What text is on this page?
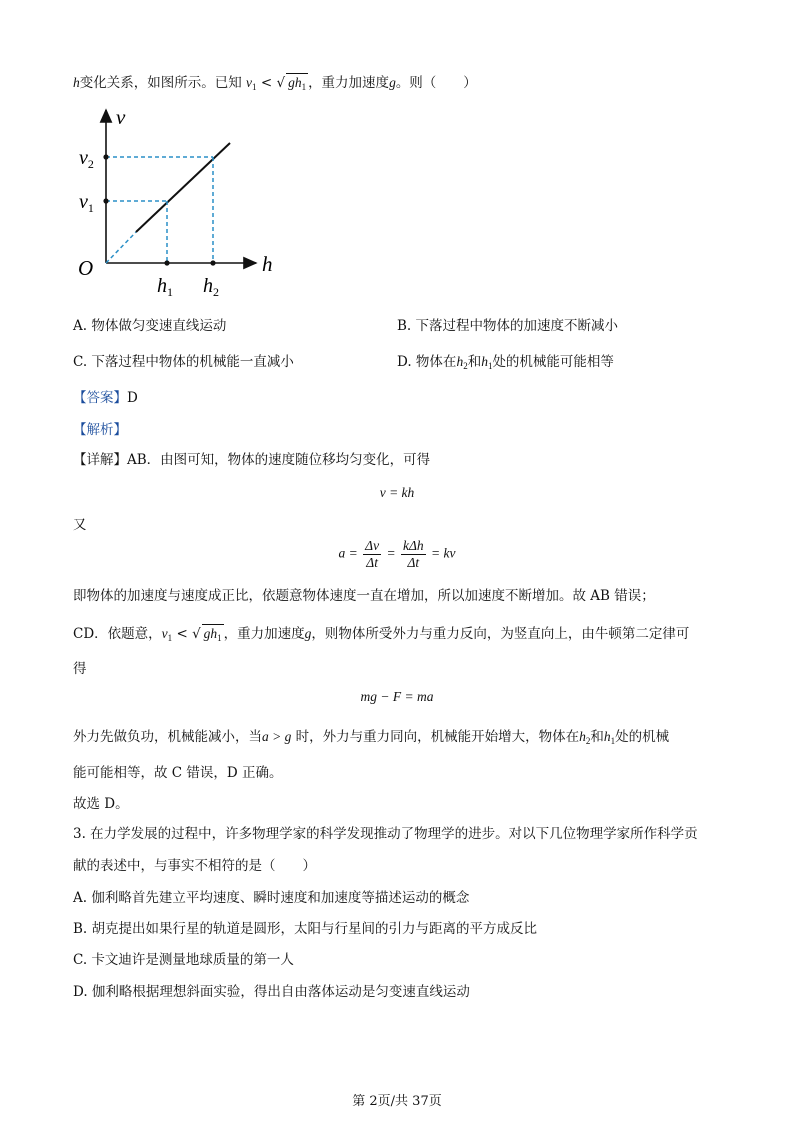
h变化关系，如图所示。已知 $v_1$ < √ $gh_1$ ，重力加速度g。则（　　）
v
h
O
$v_2$
$v_1$
$h_1$ $h_2$
A. 物体做匀变速直线运动	B. 下落过程中物体的加速度不断减小
C. 下落过程中物体的机械能一直减小	D. 物体在$h_2$和$h_1$处的机械能可能相等
【答案】D
【解析】
【详解】AB．由图可知，物体的速度随位移均匀变化，可得
v = kh
又
$a = \frac{\Delta v}{\Delta t} = \frac{\text{kΔh}}{\Delta t}$ = kv
即物体的加速度与速度成正比，依题意物体速度一直在增加，所以加速度不断增加。故 AB 错误；
CD．依题意，$v_1$ < √ $gh_1$ ，重力加速度g，则物体所受外力与重力反向，为竖直向上，由牛顿第二定律可
得
mg − F = ma
外力先做负功，机械能减小，当a > g 时，外力与重力同向，机械能开始增大，物体在$h_2$和$h_1$处的机械
能可能相等，故 C 错误，D 正确。
故选 D。
3. 在力学发展的过程中，许多物理学家的科学发现推动了物理学的进步。对以下几位物理学家所作科学贡
献的表述中，与事实不相符的是（　　）
A. 伽利略首先建立平均速度、瞬时速度和加速度等描述运动的概念
B. 胡克提出如果行星的轨道是圆形，太阳与行星间的引力与距离的平方成反比
C. 卡文迪许是测量地球质量的第一人
D. 伽利略根据理想斜面实验，得出自由落体运动是匀变速直线运动
第 2页/共 37页
